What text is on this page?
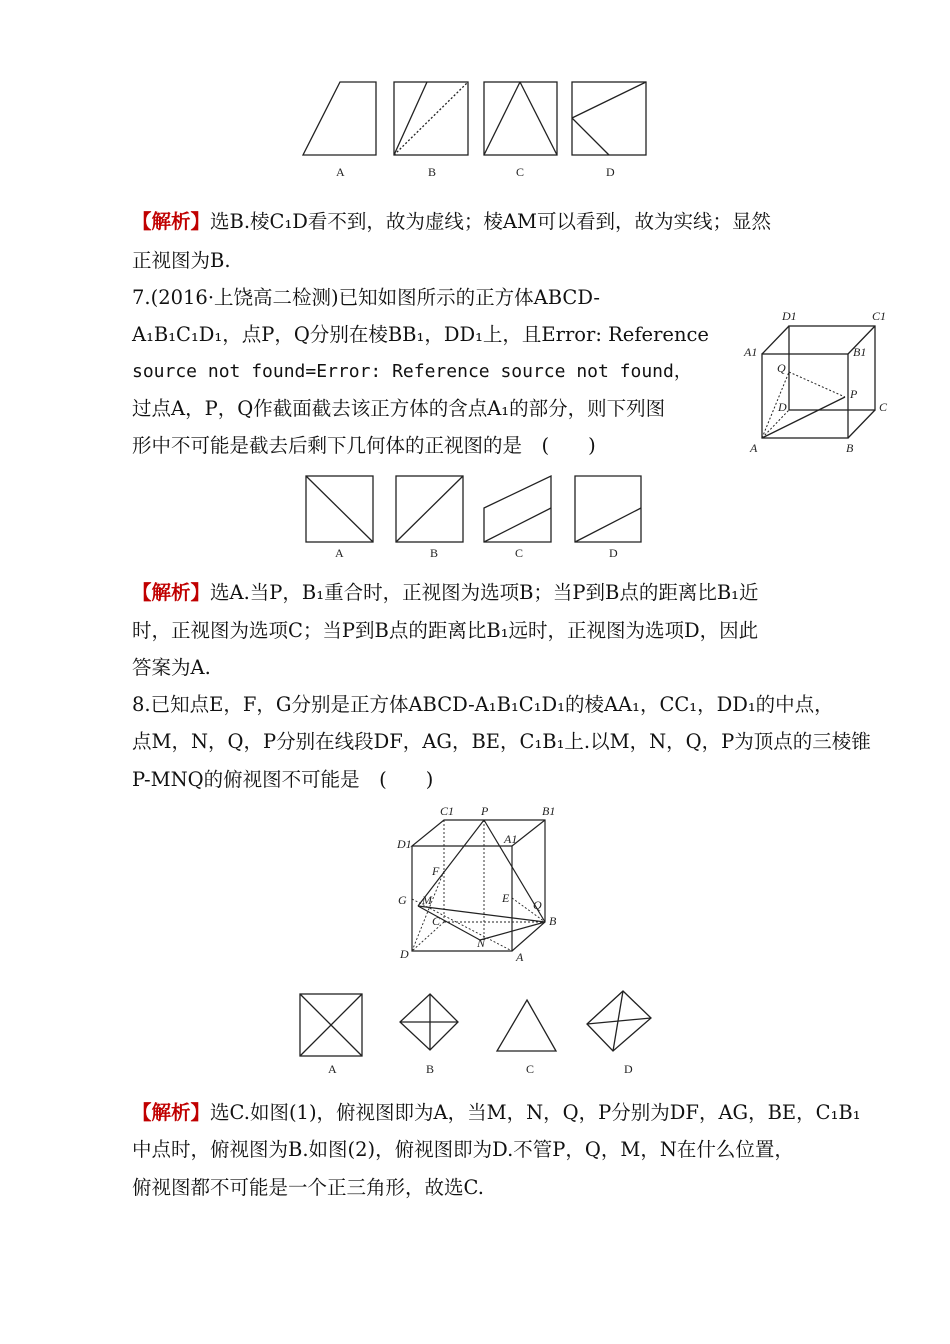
A	B	C	D
【解析】选B.棱C₁D看不到，故为虚线；棱AM可以看到，故为实线；显然
正视图为B.
7.(2016·上饶高二检测)已知如图所示的正方体ABCD-
A₁B₁C₁D₁，点P，Q分别在棱BB₁，DD₁上，且Error: Reference
source not found=Error: Reference source not found，
过点A，P，Q作截面截去该正方体的含点A₁的部分，则下列图
形中不可能是截去后剩下几何体的正视图的是　(　　)
D1	C1
A1	B1
Q
P
D	C
A	B
A	B	C	D
【解析】选A.当P，B₁重合时，正视图为选项B；当P到B点的距离比B₁近
时，正视图为选项C；当P到B点的距离比B₁远时，正视图为选项D，因此
答案为A.
8.已知点E，F，G分别是正方体ABCD-A₁B₁C₁D₁的棱AA₁，CC₁，DD₁的中点，
点M，N，Q，P分别在线段DF，AG，BE，C₁B₁上.以M，N，Q，P为顶点的三棱锥
P-MNQ的俯视图不可能是　(　　)
C1 P	B1
A1
D1
F
G M	E Q
B
C
N
D	A
A	B	C	D
【解析】选C.如图(1)，俯视图即为A，当M，N，Q，P分别为DF，AG，BE，C₁B₁
中点时，俯视图为B.如图(2)，俯视图即为D.不管P，Q，M，N在什么位置，
俯视图都不可能是一个正三角形，故选C.
